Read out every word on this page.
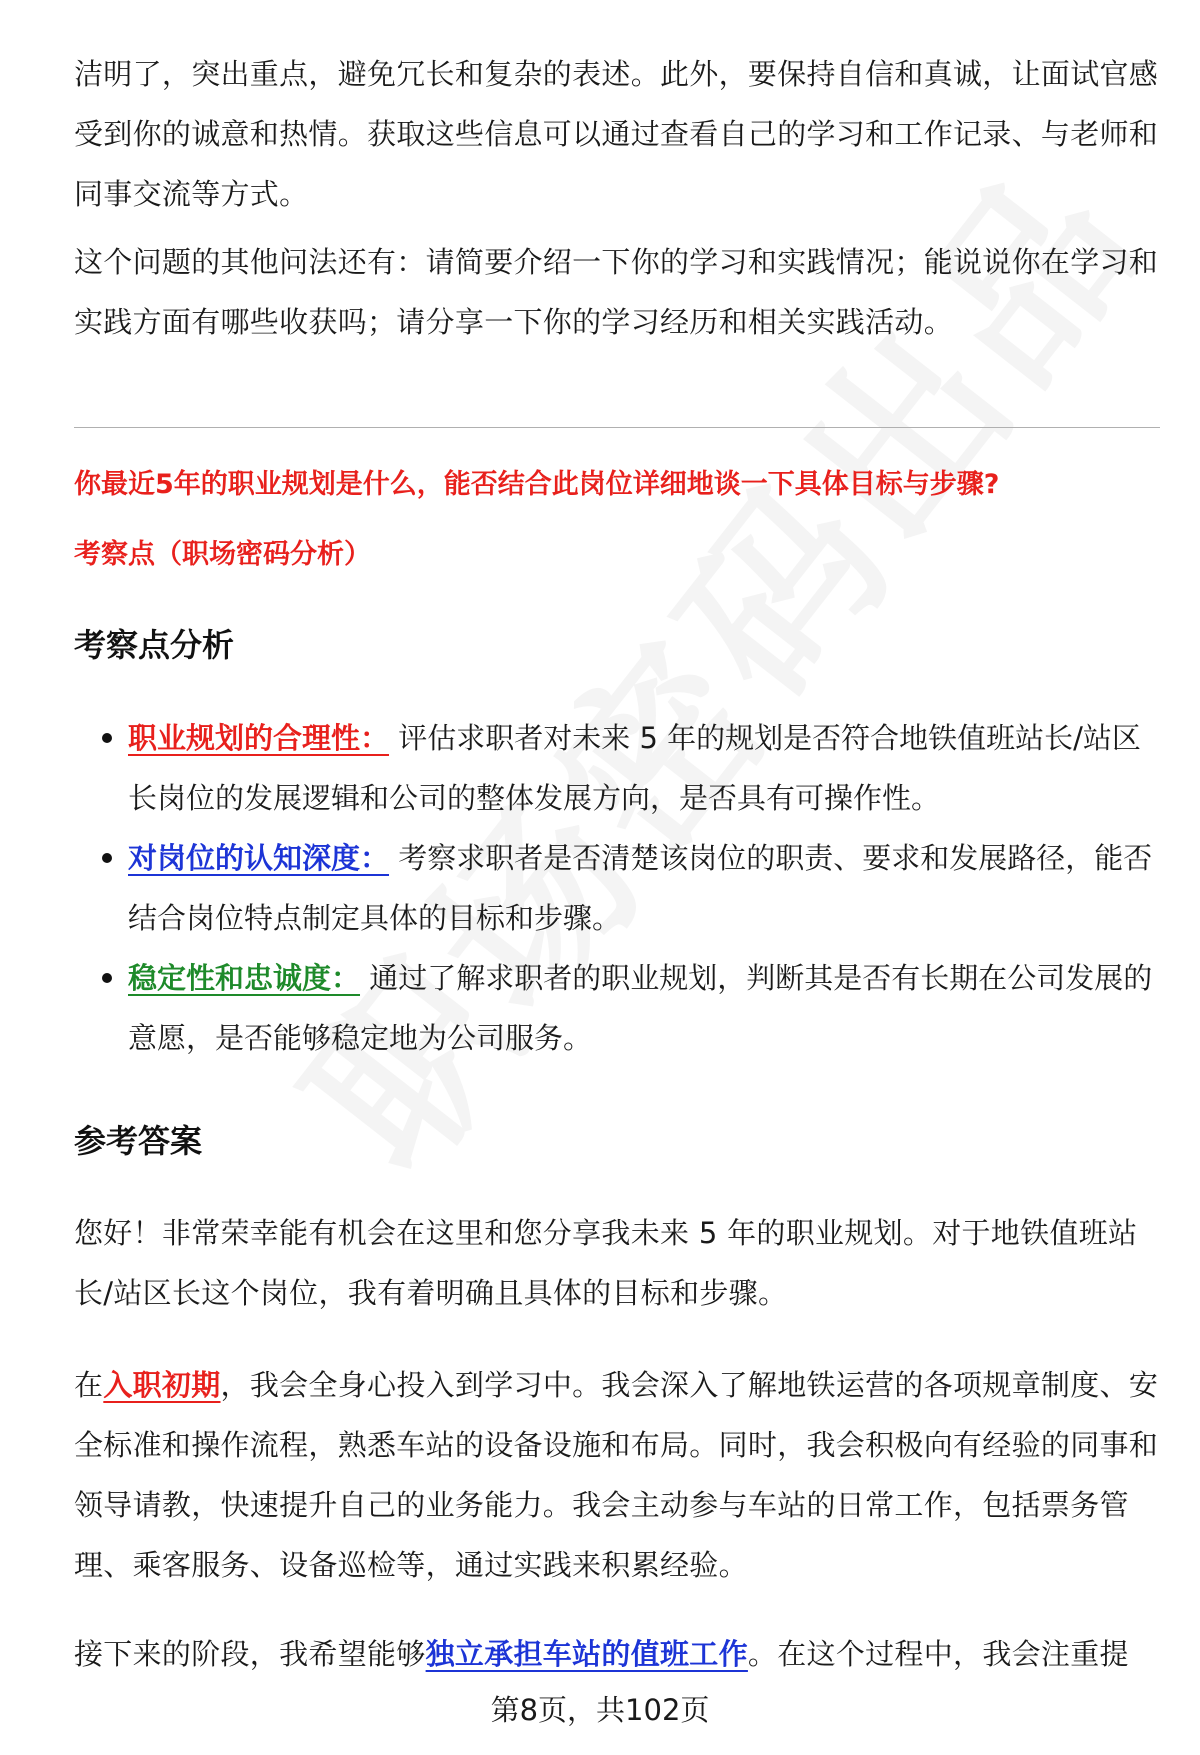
洁明了，突出重点，避免冗长和复杂的表述。此外，要保持自信和真诚，让面试官感受到你的诚意和热情。获取这些信息可以通过查看自己的学习和工作记录、与老师和同事交流等方式。

这个问题的其他问法还有：请简要介绍一下你的学习和实践情况；能说说你在学习和实践方面有哪些收获吗；请分享一下你的学习经历和相关实践活动。

你最近5年的职业规划是什么，能否结合此岗位详细地谈一下具体目标与步骤?

考察点（职场密码分析）

考察点分析
职业规划的合理性： 评估求职者对未来 5 年的规划是否符合地铁值班站长/站区长岗位的发展逻辑和公司的整体发展方向，是否具有可操作性。
对岗位的认知深度： 考察求职者是否清楚该岗位的职责、要求和发展路径，能否结合岗位特点制定具体的目标和步骤。
稳定性和忠诚度： 通过了解求职者的职业规划，判断其是否有长期在公司发展的意愿，是否能够稳定地为公司服务。
参考答案

您好！非常荣幸能有机会在这里和您分享我未来 5 年的职业规划。对于地铁值班站长/站区长这个岗位，我有着明确且具体的目标和步骤。

在入职初期，我会全身心投入到学习中。我会深入了解地铁运营的各项规章制度、安全标准和操作流程，熟悉车站的设备设施和布局。同时，我会积极向有经验的同事和领导请教，快速提升自己的业务能力。我会主动参与车站的日常工作，包括票务管理、乘客服务、设备巡检等，通过实践来积累经验。

接下来的阶段，我希望能够独立承担车站的值班工作。在这个过程中，我会注重提

第8页，共102页
